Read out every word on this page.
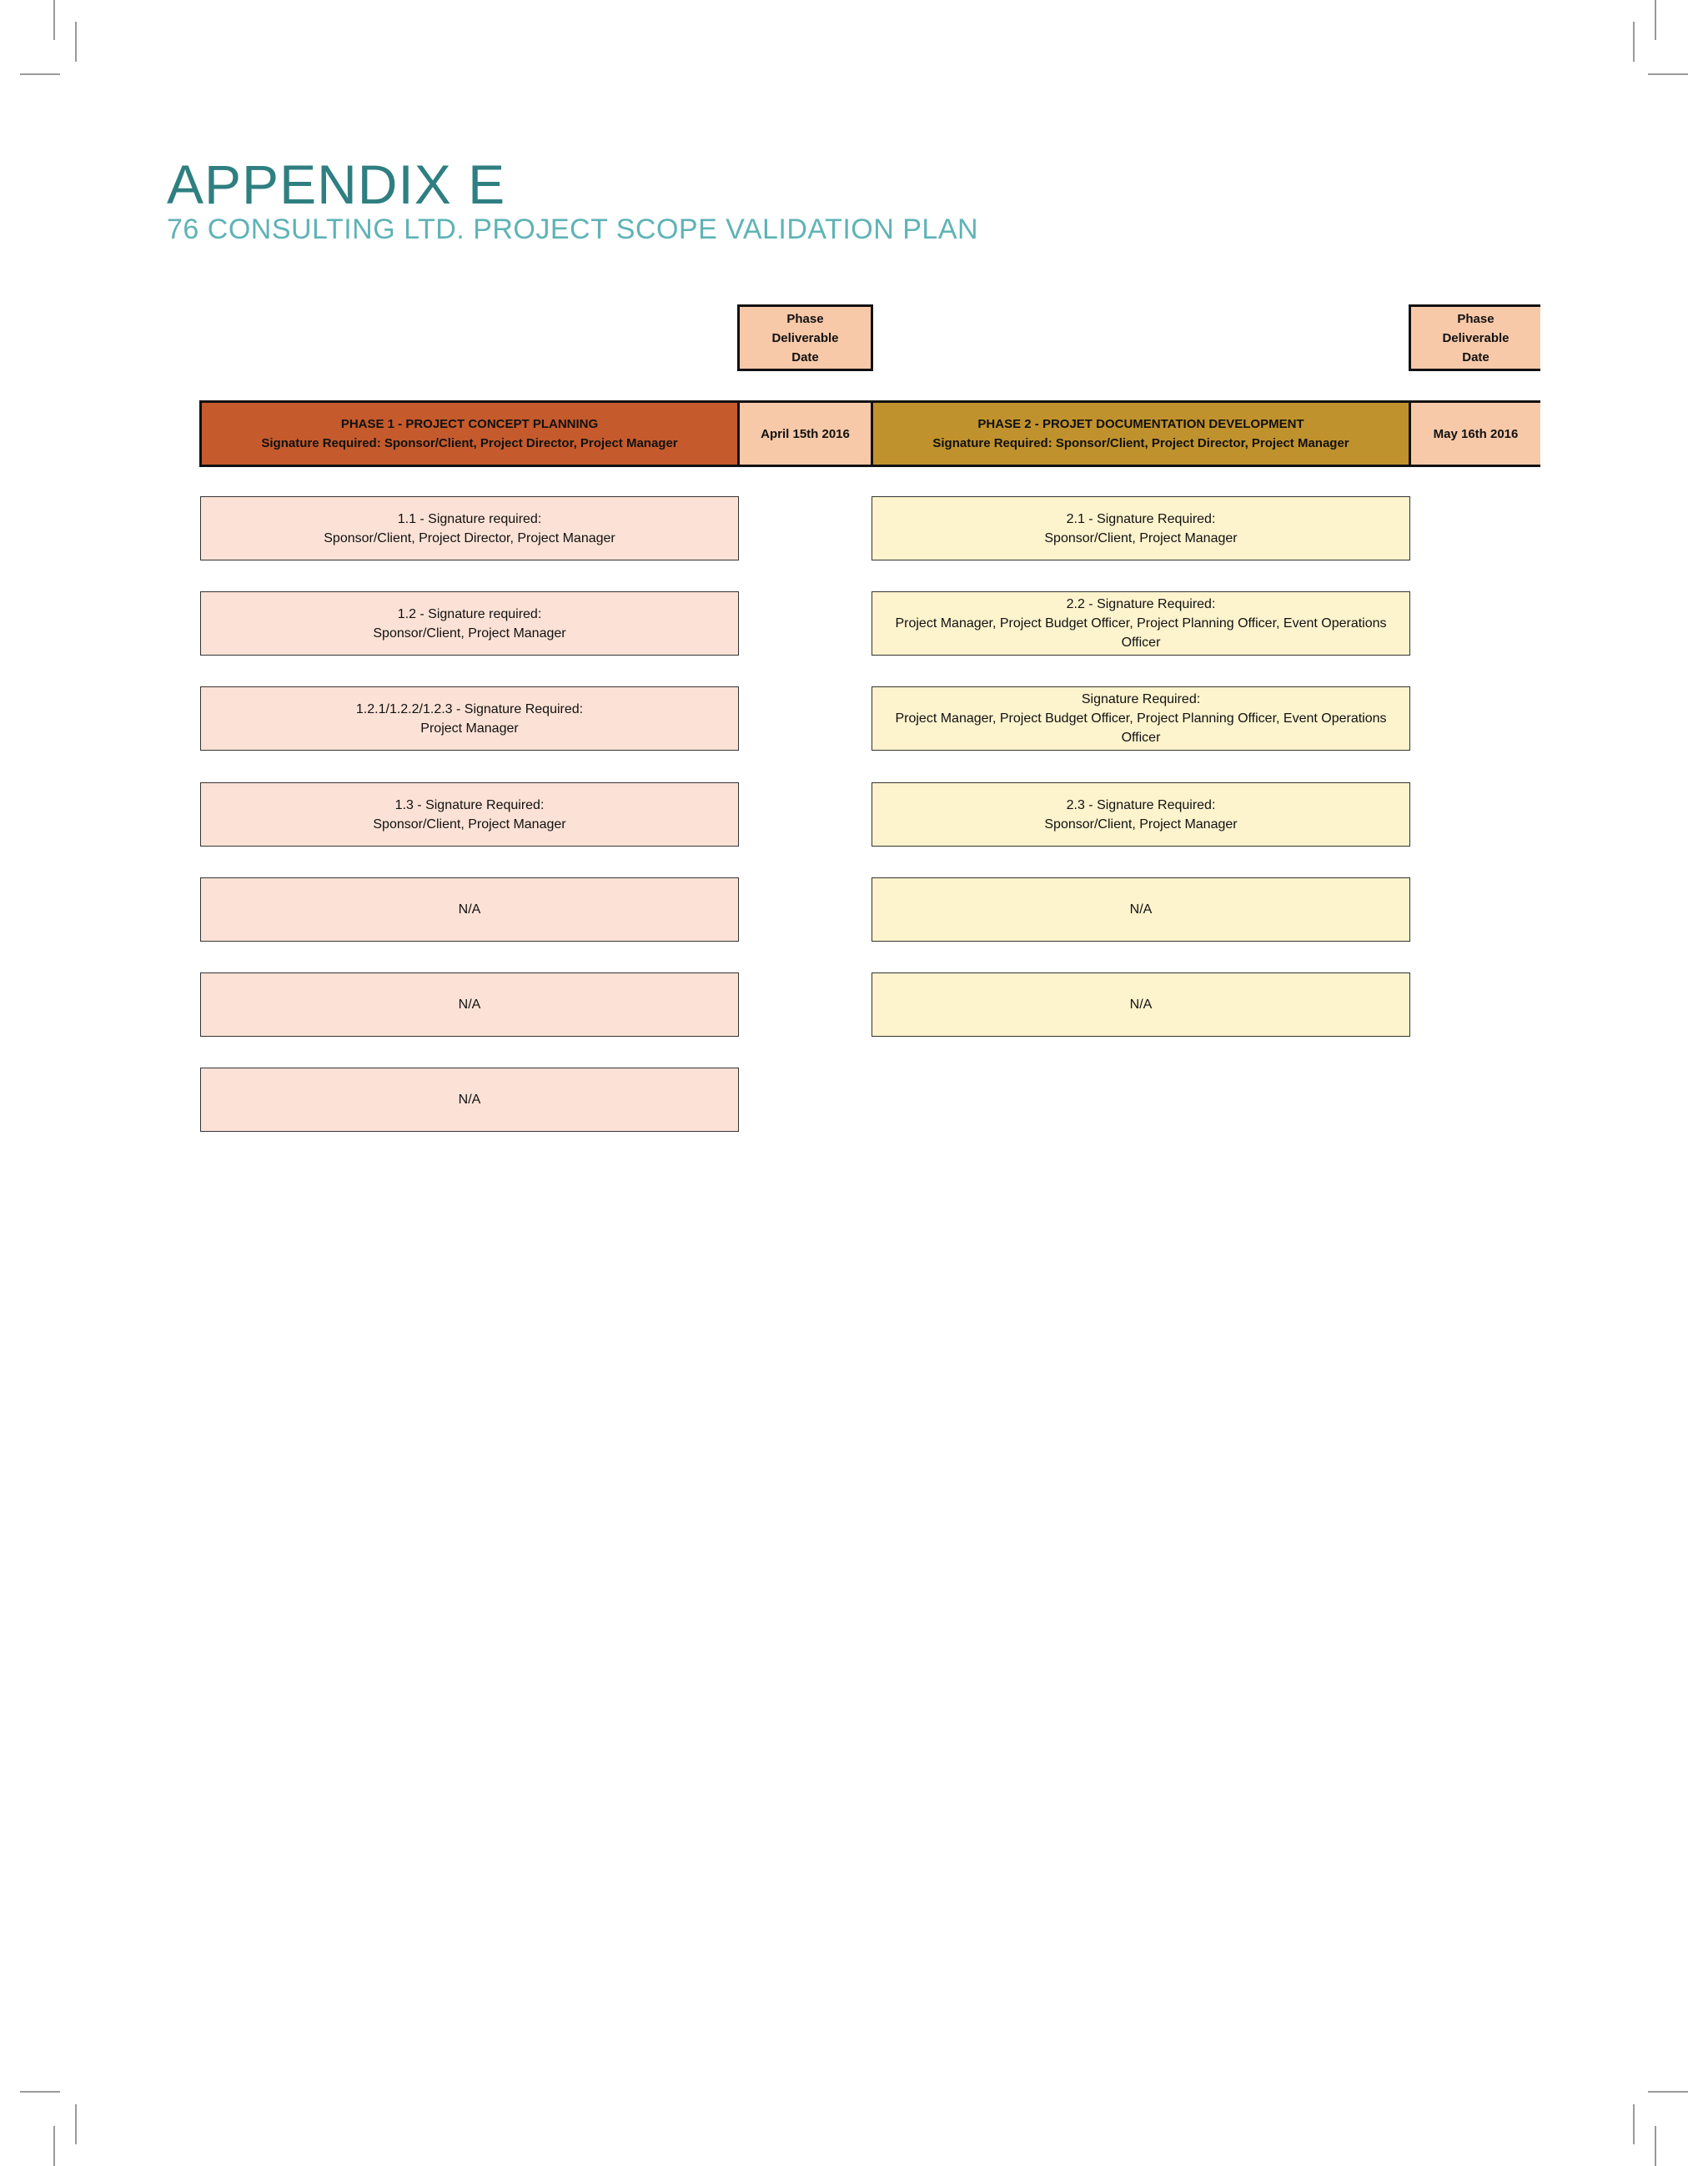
APPENDIX E
76 CONSULTING LTD. PROJECT SCOPE VALIDATION PLAN
Phase Deliverable
Date
Phase Deliverable
Date
PHASE 1 - PROJECT CONCEPT PLANNING
Signature Required: Sponsor/Client, Project Director, Project Manager
April 15th 2016
PHASE 2 - PROJET DOCUMENTATION DEVELOPMENT
Signature Required: Sponsor/Client, Project Director, Project Manager
May 16th 2016
1.1 - Signature required:
Sponsor/Client, Project Director, Project Manager
1.2 - Signature required:
Sponsor/Client, Project Manager
1.2.1/1.2.2/1.2.3 - Signature Required:
Project Manager
1.3 - Signature Required:
Sponsor/Client, Project Manager
N/A
N/A
N/A
2.1 - Signature Required:
Sponsor/Client, Project Manager
2.2 - Signature Required:
Project Manager, Project Budget Officer, Project Planning Officer, Event Operations Officer
Signature Required:
Project Manager, Project Budget Officer, Project Planning Officer, Event Operations Officer
2.3 - Signature Required:
Sponsor/Client, Project Manager
N/A
N/A
